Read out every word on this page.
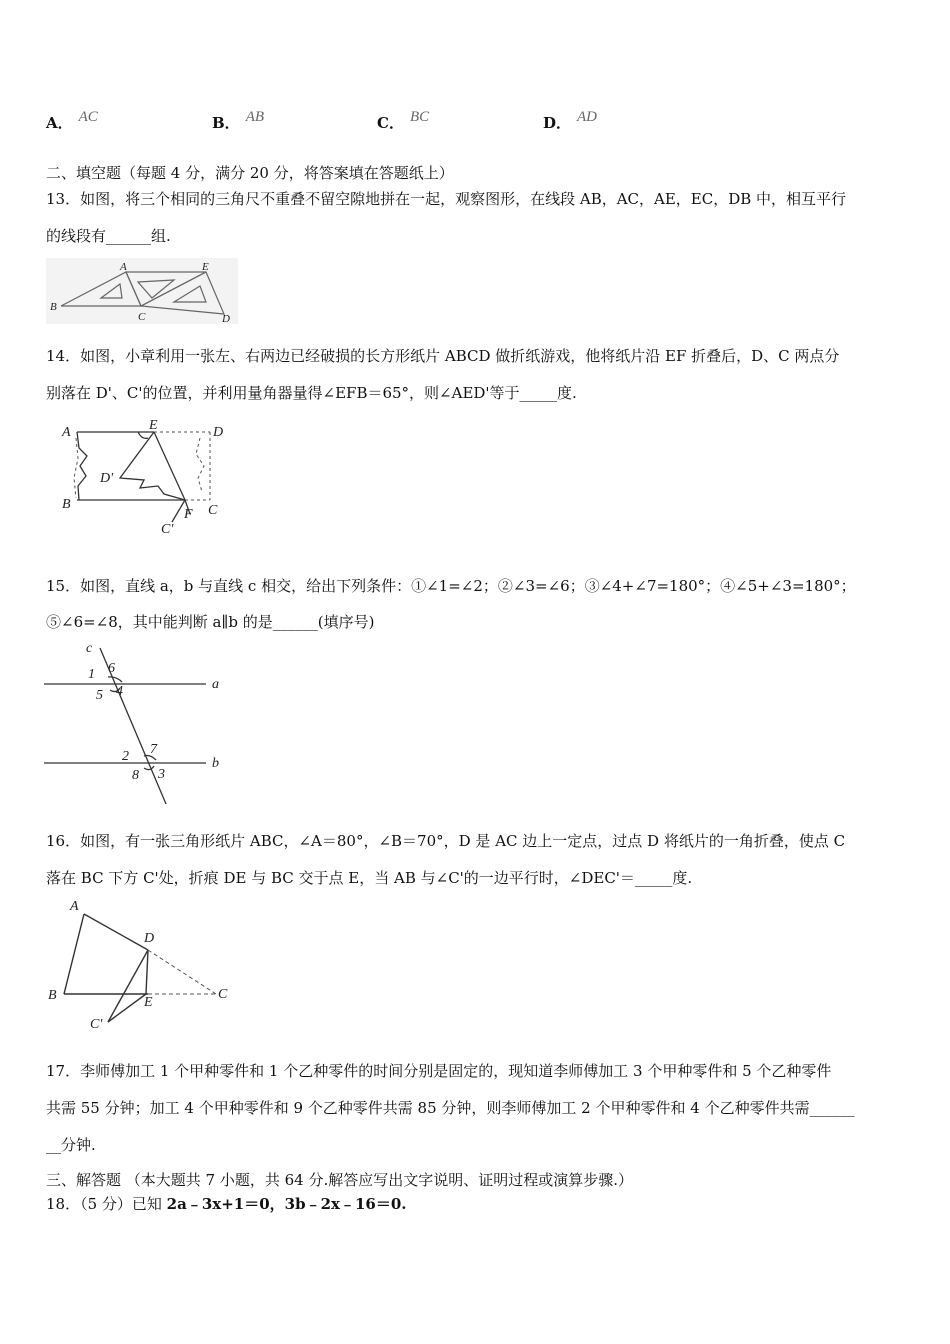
A． AC	B． AB	C． BC	D． AD
二、填空题（每题 4 分，满分 20 分，将答案填在答题纸上）
13．如图，将三个相同的三角尺不重叠不留空隙地拼在一起，观察图形，在线段 AB，AC，AE，EC，DB 中，相互平行
的线段有______组.
A	E
B
C	D
14．如图，小章利用一张左、右两边已经破损的长方形纸片 ABCD 做折纸游戏，他将纸片沿 EF 折叠后，D、C 两点分
别落在 D'、C'的位置，并利用量角器量得∠EFB＝65°，则∠AED'等于_____度.
A	E	D
D'
B
F C
C'
15．如图，直线 a，b 与直线 c 相交，给出下列条件：①∠1=∠2；②∠3=∠6；③∠4+∠7=180°；④∠5+∠3=180°；
⑤∠6=∠8，其中能判断 a∥b 的是______(填序号)
c
1 6
5 4	a
2 7
8 3
b
16．如图，有一张三角形纸片 ABC，∠A＝80°，∠B＝70°，D 是 AC 边上一定点，过点 D 将纸片的一角折叠，使点 C
落在 BC 下方 C'处，折痕 DE 与 BC 交于点 E，当 AB 与∠C'的一边平行时，∠DEC'＝_____度.
A
D
B	E
C
C'
17．李师傅加工 1 个甲种零件和 1 个乙种零件的时间分别是固定的，现知道李师傅加工 3 个甲种零件和 5 个乙种零件
共需 55 分钟；加工 4 个甲种零件和 9 个乙种零件共需 85 分钟，则李师傅加工 2 个甲种零件和 4 个乙种零件共需______
__分钟.
三、解答题 （本大题共 7 小题，共 64 分.解答应写出文字说明、证明过程或演算步骤.）
18．（5 分）已知 2a﹣3x+1＝0，3b﹣2x﹣16＝0.
